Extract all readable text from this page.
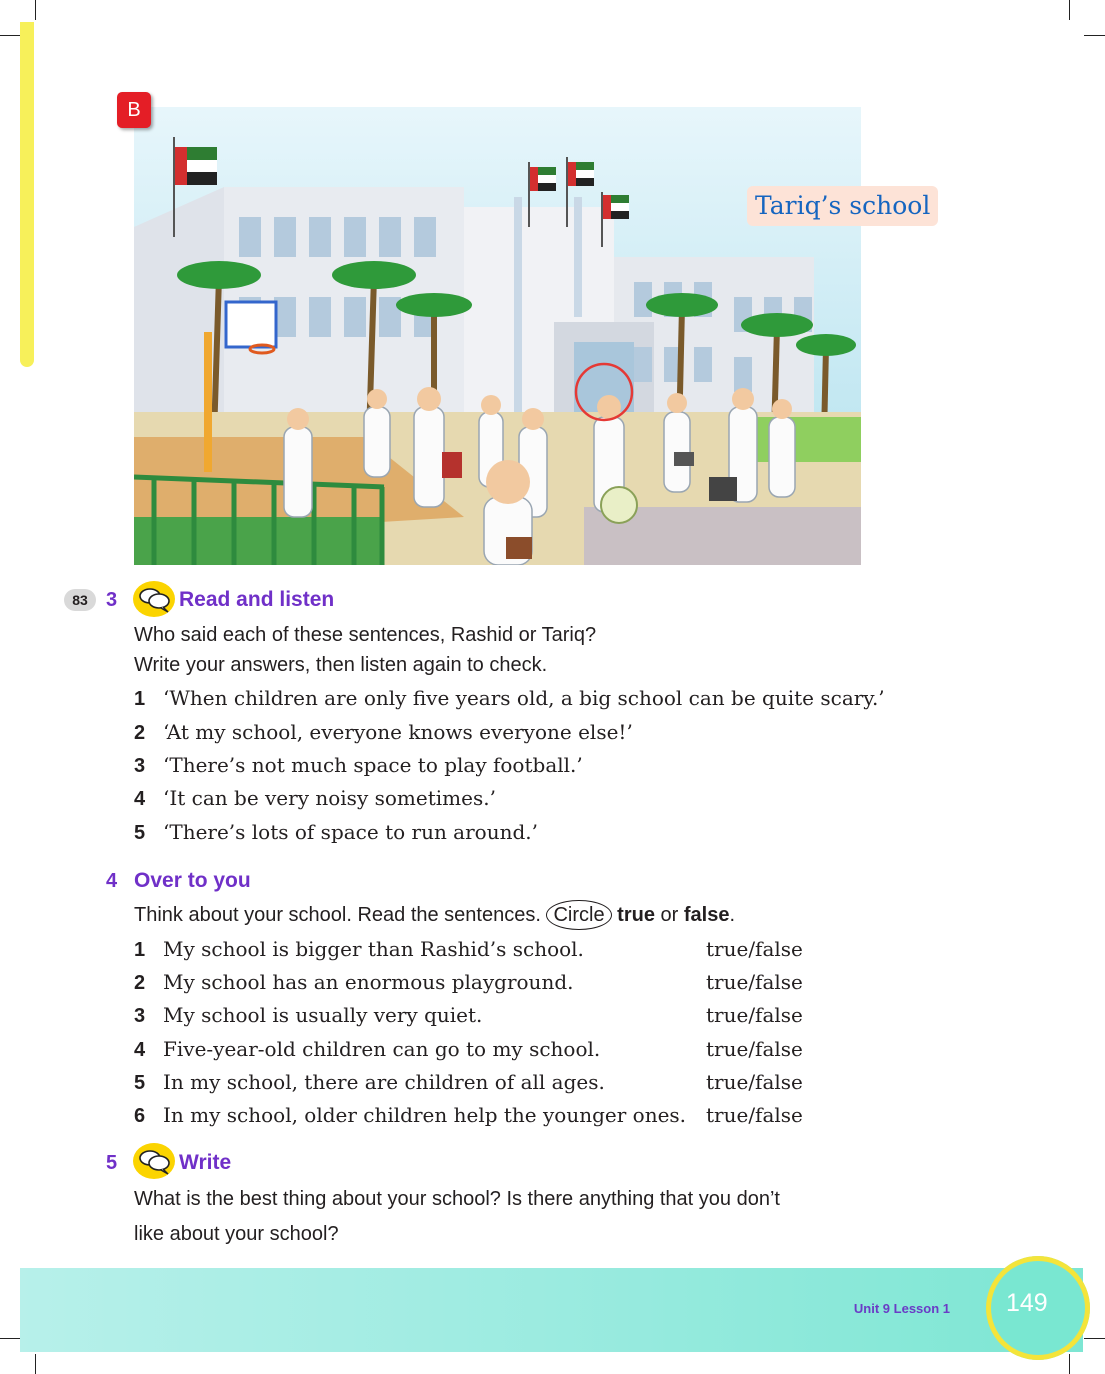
B
Tariq’s school
83 3	Read and listen
Who said each of these sentences, Rashid or Tariq?
Write your answers, then listen again to check.
1 ‘When children are only five years old, a big school can be quite scary.’
2 ‘At my school, everyone knows everyone else!’
3 ‘There’s not much space to play football.’
4 ‘It can be very noisy sometimes.’
5 ‘There’s lots of space to run around.’
4 Over to you
Think about your school. Read the sentences. Circle true or false.
1 My school is bigger than Rashid’s school.	true/false
2 My school has an enormous playground.	true/false
3 My school is usually very quiet.	true/false
4 Five-year-old children can go to my school.	true/false
5 In my school, there are children of all ages.	true/false
6 In my school, older children help the younger ones. true/false
5	Write
What is the best thing about your school? Is there anything that you don’t
like about your school?
Unit 9 Lesson 1 149
